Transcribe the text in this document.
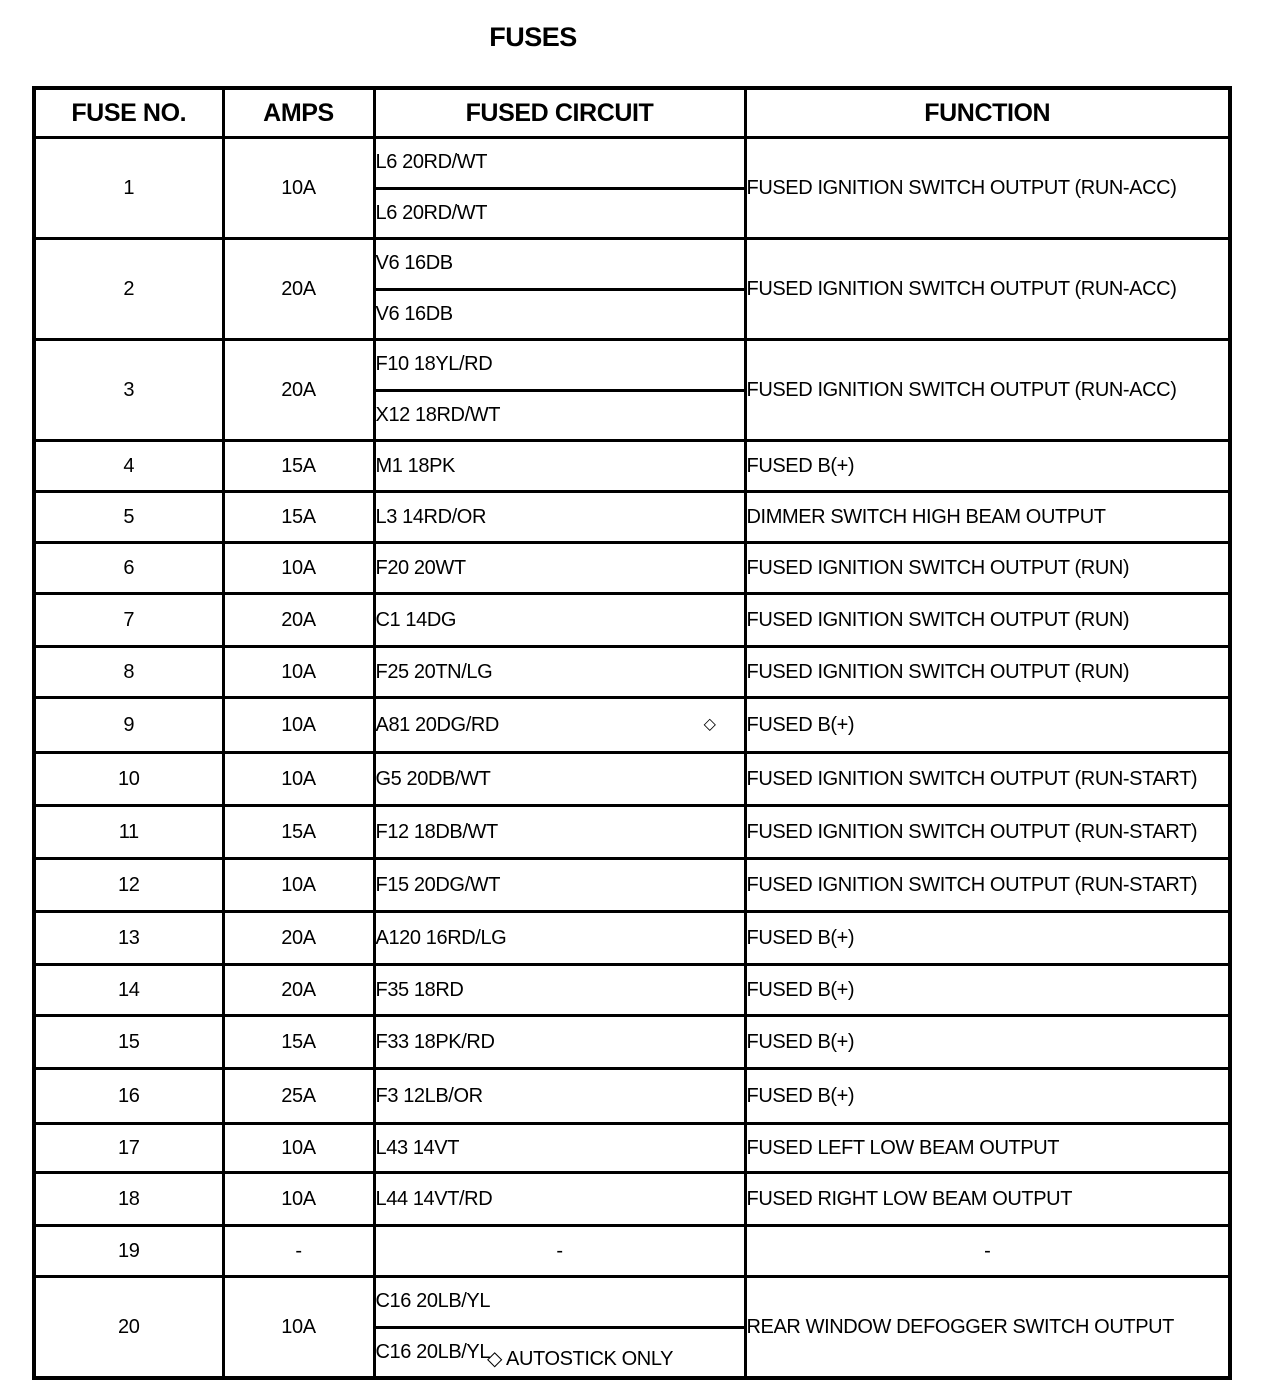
FUSES
FUSE NO.	AMPS	FUSED CIRCUIT	FUNCTION
1	10A	L6 20RD/WT	FUSED IGNITION SWITCH OUTPUT (RUN-ACC)
		L6 20RD/WT	
2	20A	V6 16DB	FUSED IGNITION SWITCH OUTPUT (RUN-ACC)
		V6 16DB	
3	20A	F10 18YL/RD	FUSED IGNITION SWITCH OUTPUT (RUN-ACC)
		X12 18RD/WT	
4	15A	M1 18PK	FUSED B(+)
5	15A	L3 14RD/OR	DIMMER SWITCH HIGH BEAM OUTPUT
6	10A	F20 20WT	FUSED IGNITION SWITCH OUTPUT (RUN)
7	20A	C1 14DG	FUSED IGNITION SWITCH OUTPUT (RUN)
8	10A	F25 20TN/LG	FUSED IGNITION SWITCH OUTPUT (RUN)
9	10A	A81 20DG/RD ◇	FUSED B(+)
10	10A	G5 20DB/WT	FUSED IGNITION SWITCH OUTPUT (RUN-START)
11	15A	F12 18DB/WT	FUSED IGNITION SWITCH OUTPUT (RUN-START)
12	10A	F15 20DG/WT	FUSED IGNITION SWITCH OUTPUT (RUN-START)
13	20A	A120 16RD/LG	FUSED B(+)
14	20A	F35 18RD	FUSED B(+)
15	15A	F33 18PK/RD	FUSED B(+)
16	25A	F3 12LB/OR	FUSED B(+)
17	10A	L43 14VT	FUSED LEFT LOW BEAM OUTPUT
18	10A	L44 14VT/RD	FUSED RIGHT LOW BEAM OUTPUT
19	-	-	-
20	10A	C16 20LB/YL	REAR WINDOW DEFOGGER SWITCH OUTPUT
		C16 20LB/YL	
◇ AUTOSTICK ONLY
